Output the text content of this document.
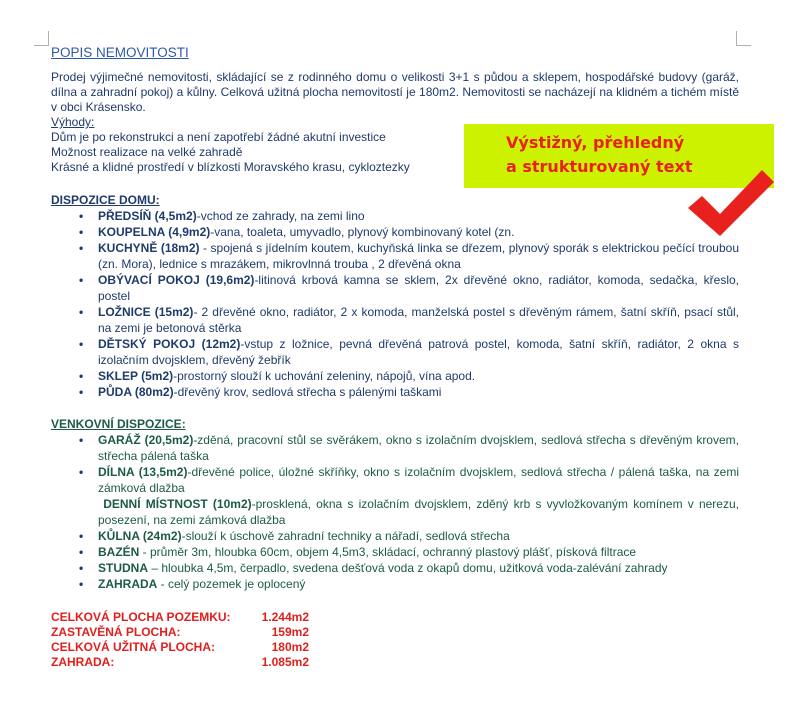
POPIS NEMOVITOSTI

Prodej výjimečné nemovitosti, skládající se z rodinného domu o velikosti 3+1 s půdou a sklepem, hospodářské budovy (garáž, dílna a zahradní pokoj) a kůlny. Celková užitná plocha nemovitostí je 180m2. Nemovitosti se nacházejí na klidném a tichém místě v obci Krásensko.

Výhody:

Dům je po rekonstrukci a není zapotřebí žádné akutní investice
Možnost realizace na velké zahradě
Krásné a klidné prostředí v blízkosti Moravského krasu, cykloztezky
DISPOZICE DOMU:
• PŘEDSÍŇ (4,5m2)-vchod ze zahrady, na zemi lino
• KOUPELNA (4,9m2)-vana, toaleta, umyvadlo, plynový kombinovaný kotel (zn.
• KUCHYNĚ (18m2) - spojená s jídelním koutem, kuchyňská linka se dřezem, plynový sporák s elektrickou pečící troubou (zn. Mora), lednice s mrazákem, mikrovlnná trouba , 2 dřevěná okna
• OBÝVACÍ POKOJ (19,6m2)-litinová krbová kamna se sklem, 2x dřevěné okno, radiátor, komoda, sedačka, křeslo, postel
• LOŽNICE (15m2)- 2 dřevěné okno, radiátor, 2 x komoda, manželská postel s dřevěným rámem, šatní skříň, psací stůl, na zemi je betonová stěrka
• DĚTSKÝ POKOJ (12m2)-vstup z ložnice, pevná dřevěná patrová postel, komoda, šatní skříň, radiátor, 2 okna s izolačním dvojsklem, dřevěný žebřík
• SKLEP (5m2)-prostorný slouží k uchování zeleniny, nápojů, vína apod.
• PŮDA (80m2)-dřevěný krov, sedlová střecha s pálenými taškami
VENKOVNÍ DISPOZICE:
• GARÁŽ (20,5m2)-zděná, pracovní stůl se svěrákem, okno s izolačním dvojsklem, sedlová střecha s dřevěným krovem, střecha pálená taška
• DÍLNA (13,5m2)-dřevěné police, úložné skříňky, okno s izolačním dvojsklem, sedlová střecha / pálená taška, na zemi zámková dlažba
DENNÍ MÍSTNOST (10m2)-prosklená, okna s izolačním dvojsklem, zděný krb s vyvložkovaným komínem v nerezu, posezení, na zemi zámková dlažba
• KŮLNA (24m2)-slouží k úschově zahradní techniky a nářadí, sedlová střecha
• BAZÉN - průměr 3m, hloubka 60cm, objem 4,5m3, skládací, ochranný plastový plášť, písková filtrace
• STUDNA – hloubka 4,5m, čerpadlo, svedena dešťová voda z okapů domu, užitková voda-zalévání zahrady
• ZAHRADA - celý pozemek je oplocený
CELKOVÁ PLOCHA POZEMKU:	1.244m2
ZASTAVĚNÁ PLOCHA:	159m2
CELKOVÁ UŽITNÁ PLOCHA:	180m2
ZAHRADA:	1.085m2
Výstižný, přehledný
a strukturovaný text
